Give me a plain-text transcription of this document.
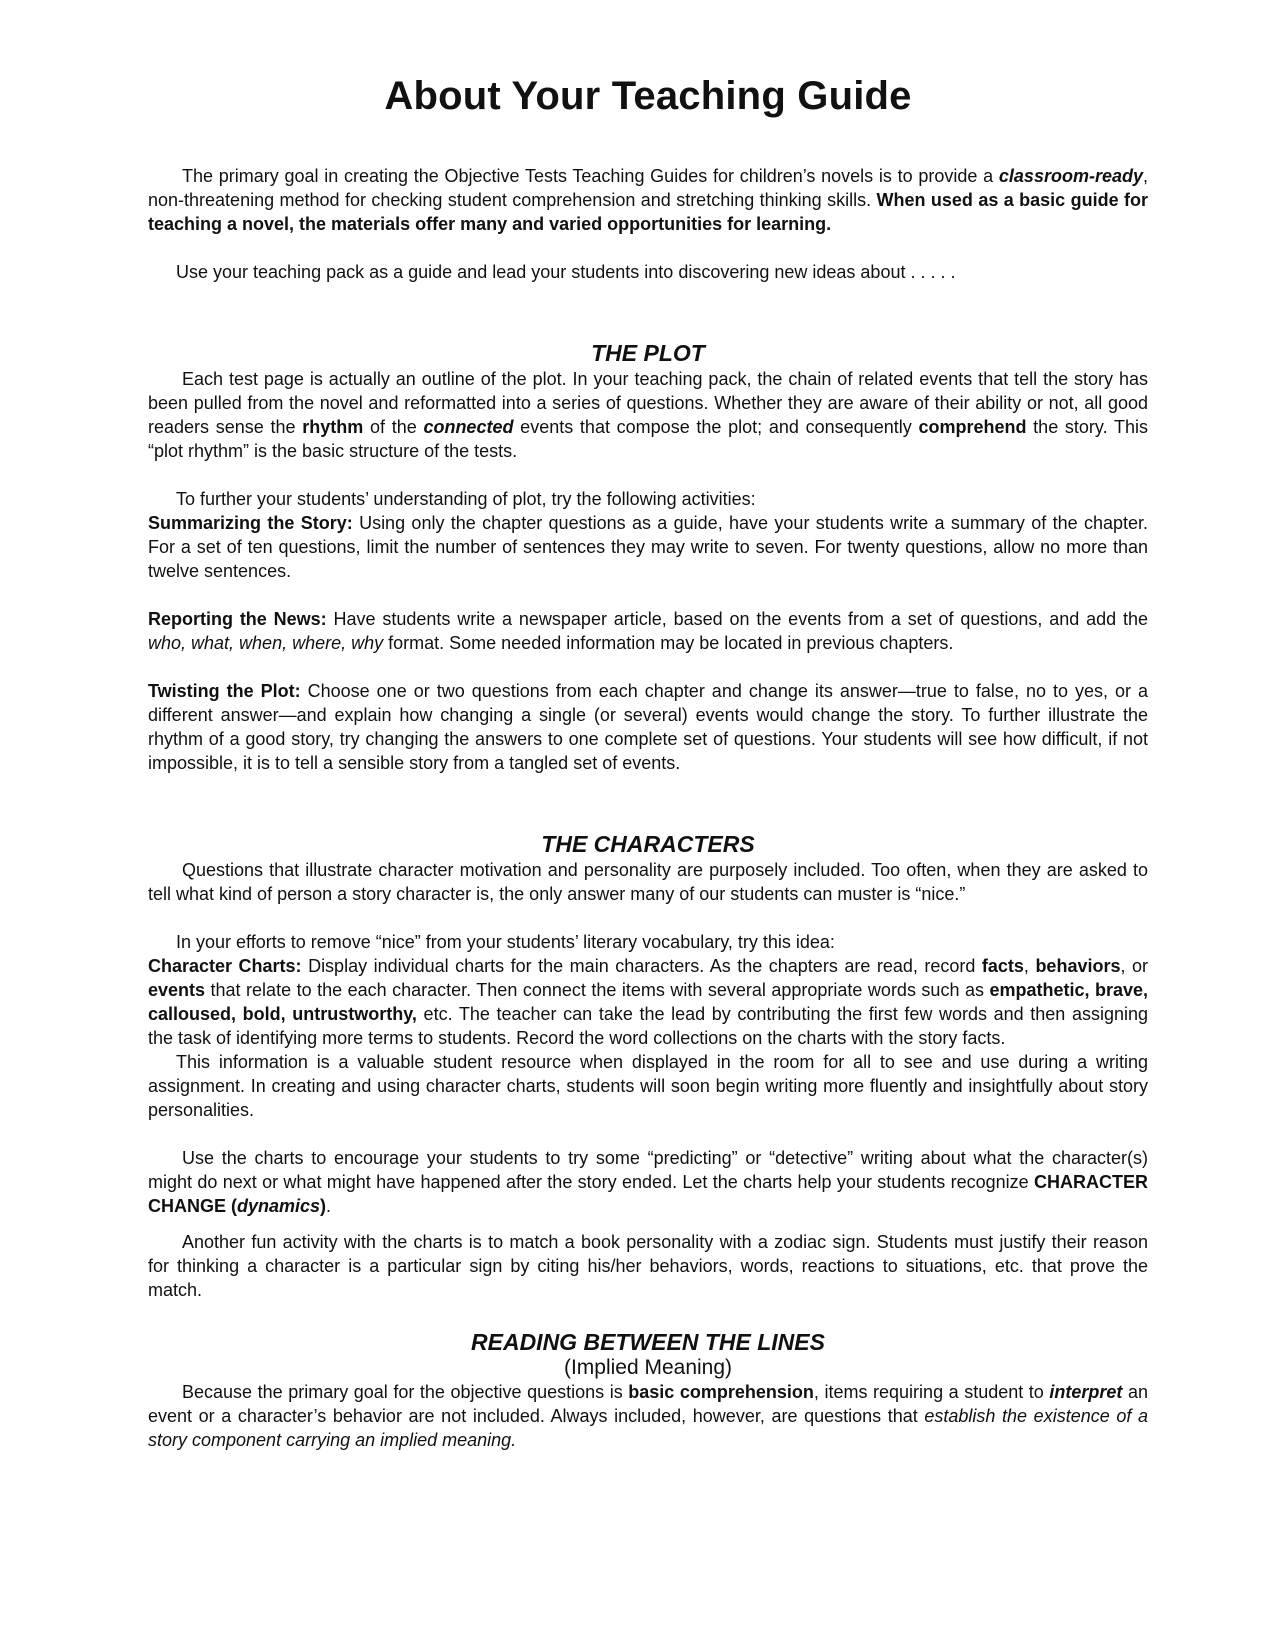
About Your Teaching Guide

The primary goal in creating the Objective Tests Teaching Guides for children’s novels is to provide a classroom-ready, non-threatening method for checking student comprehension and stretching thinking skills. When used as a basic guide for teaching a novel, the materials offer many and varied opportunities for learning.

Use your teaching pack as a guide and lead your students into discovering new ideas about . . . . .

THE PLOT

Each test page is actually an outline of the plot. In your teaching pack, the chain of related events that tell the story has been pulled from the novel and reformatted into a series of questions. Whether they are aware of their ability or not, all good readers sense the rhythm of the connected events that compose the plot; and consequently comprehend the story. This “plot rhythm” is the basic structure of the tests.

To further your students’ understanding of plot, try the following activities:

Summarizing the Story: Using only the chapter questions as a guide, have your students write a summary of the chapter. For a set of ten questions, limit the number of sentences they may write to seven. For twenty questions, allow no more than twelve sentences.

Reporting the News: Have students write a newspaper article, based on the events from a set of questions, and add the who, what, when, where, why format. Some needed information may be located in previous chapters.

Twisting the Plot: Choose one or two questions from each chapter and change its answer—true to false, no to yes, or a different answer—and explain how changing a single (or several) events would change the story. To further illustrate the rhythm of a good story, try changing the answers to one complete set of questions. Your students will see how difficult, if not impossible, it is to tell a sensible story from a tangled set of events.

THE CHARACTERS

Questions that illustrate character motivation and personality are purposely included. Too often, when they are asked to tell what kind of person a story character is, the only answer many of our students can muster is “nice.”

In your efforts to remove “nice” from your students’ literary vocabulary, try this idea:

Character Charts: Display individual charts for the main characters. As the chapters are read, record facts, behaviors, or events that relate to the each character. Then connect the items with several appropriate words such as empathetic, brave, calloused, bold, untrustworthy, etc. The teacher can take the lead by contributing the first few words and then assigning the task of identifying more terms to students. Record the word collections on the charts with the story facts.

This information is a valuable student resource when displayed in the room for all to see and use during a writing assignment. In creating and using character charts, students will soon begin writing more fluently and insightfully about story personalities.

Use the charts to encourage your students to try some “predicting” or “detective” writing about what the character(s) might do next or what might have happened after the story ended. Let the charts help your students recognize CHARACTER CHANGE (dynamics).

Another fun activity with the charts is to match a book personality with a zodiac sign. Students must justify their reason for thinking a character is a particular sign by citing his/her behaviors, words, reactions to situations, etc. that prove the match.

READING BETWEEN THE LINES
(Implied Meaning)

Because the primary goal for the objective questions is basic comprehension, items requiring a student to interpret an event or a character’s behavior are not included. Always included, however, are questions that establish the existence of a story component carrying an implied meaning.
